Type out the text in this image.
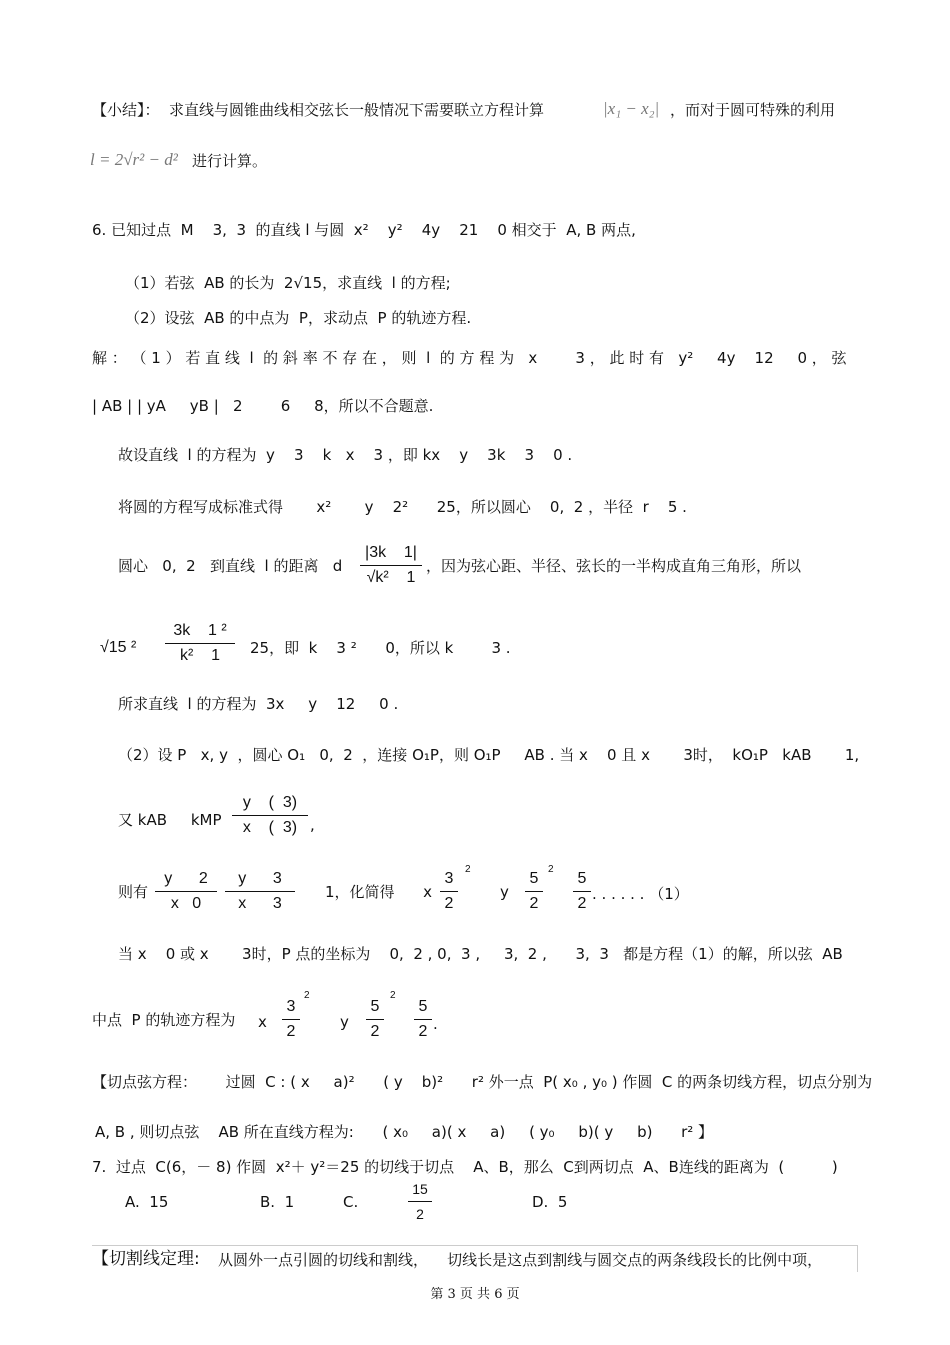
【小结】：  求直线与圆锥曲线相交弦长一般情况下需要联立方程计算	|x₁ − x₂| ，而对于圆可特殊的利用
l = 2√r² − d² 进行计算。
6. 已知过点  M    3,  3  的直线 l 与圆  x²    y²    4y    21    0 相交于  A, B 两点,
（1）若弦  AB 的长为  2√15，求直线  l 的方程;
（2）设弦  AB 的中点为  P，求动点  P 的轨迹方程.
解 ： （ 1 ） 若 直 线  l  的 斜 率 不 存 在 ， 则  l  的 方 程 为   x        3 ， 此 时 有   y²     4y    12     0 ， 弦
| AB | | yA     yB |   2        6     8，所以不合题意.
故设直线  l 的方程为  y    3    k   x    3 ，即 kx    y    3k    3    0 .
将圆的方程写成标准式得       x²       y    2²      25，所以圆心    0,  2 ，半径  r    5 .
圆心   0,  2   到直线  l 的距离   d
|3k    1|
√k²    1
，因为弦心距、半径、弦长的一半构成直角三角形，所以
√15 ²
3k    1 ²
k²    1	25，即  k    3 ²      0，所以 k        3 .
所求直线  l 的方程为  3x     y    12     0 .
（2）设 P   x, y  ，圆心 O₁   0,  2  ，连接 O₁P，则 O₁P     AB . 当 x    0 且 x       3时，  kO₁P   kAB       1,
又 kAB     kMP
y    (  3)
x    (  3) ,
则有
y      2
x   0
y      3
x      3
1，化简得      x
3
2
2
y
5
2
2
5
2
. . . . . . （1）
当 x    0 或 x       3时，P 点的坐标为    0,  2 , 0,  3 ,     3,  2 ,      3,  3   都是方程（1）的解，所以弦  AB
中点  P 的轨迹方程为 x
3
2
2
y
5
2
2
5
2 .
【切点弦方程：      过圆  C : ( x     a)²      ( y    b)²      r² 外一点  P( x₀ , y₀ ) 作圆  C 的两条切线方程，切点分别为
A, B , 则切点弦    AB 所在直线方程为:      ( x₀     a)( x     a)     ( y₀     b)( y     b)      r² 】
7.  过点  C(6，－ 8) 作圆  x²＋ y²＝25 的切线于切点    A、B，那么  C到两切点  A、B连线的距离为  (          )
A.  15	B.  1	C.
15
2
D.  5
【切割线定理: 从圆外一点引圆的切线和割线，    切线长是这点到割线与圆交点的两条线段长的比例中项，
第 3 页 共 6 页
